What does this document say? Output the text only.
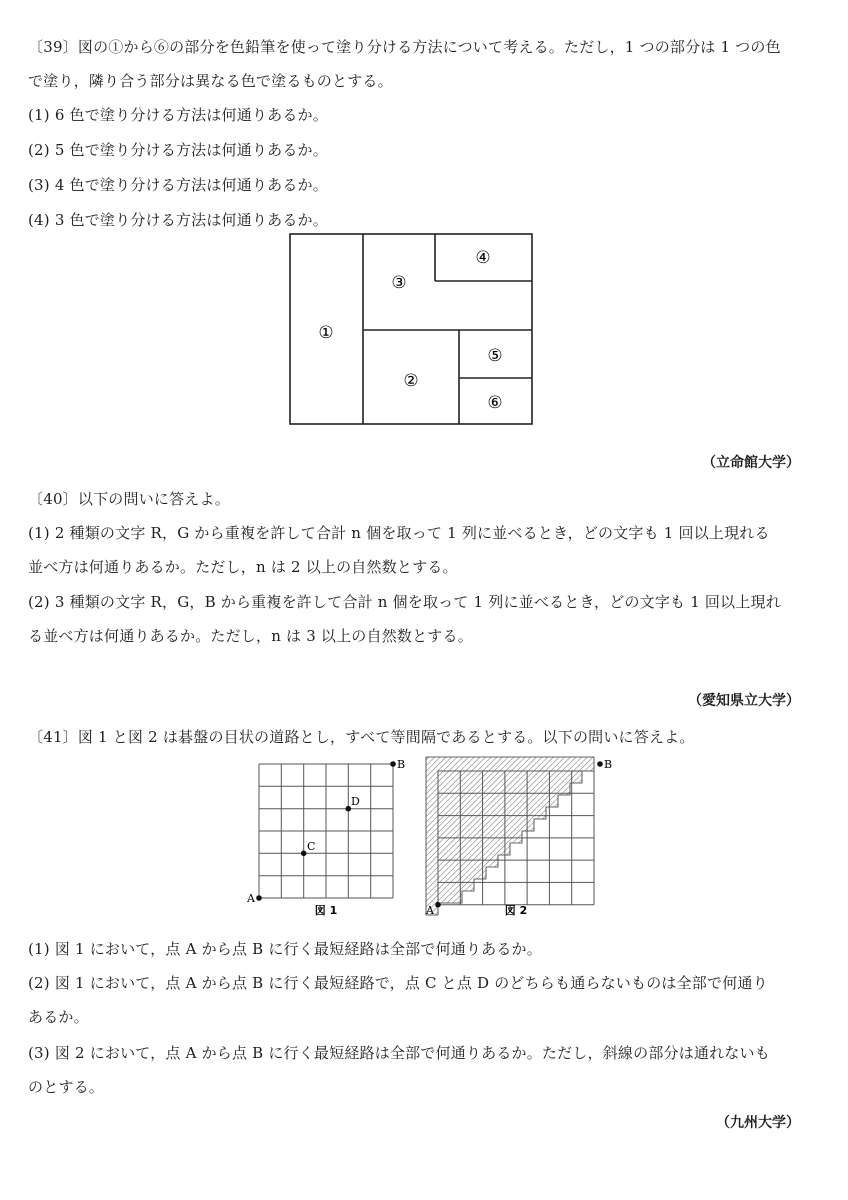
〔39〕図の①から⑥の部分を色鉛筆を使って塗り分ける方法について考える。ただし，1 つの部分は 1 つの色
で塗り，隣り合う部分は異なる色で塗るものとする。
(1) 6 色で塗り分ける方法は何通りあるか。
(2) 5 色で塗り分ける方法は何通りあるか。
(3) 4 色で塗り分ける方法は何通りあるか。
(4) 3 色で塗り分ける方法は何通りあるか。
①
②
③
④
⑤
⑥
（立命館大学）
〔40〕以下の問いに答えよ。
(1) 2 種類の文字 R，G から重複を許して合計 n 個を取って 1 列に並べるとき，どの文字も 1 回以上現れる
並べ方は何通りあるか。ただし，n は 2 以上の自然数とする。
(2) 3 種類の文字 R，G，B から重複を許して合計 n 個を取って 1 列に並べるとき，どの文字も 1 回以上現れ
る並べ方は何通りあるか。ただし，n は 3 以上の自然数とする。
（愛知県立大学）
〔41〕図 1 と図 2 は碁盤の目状の道路とし，すべて等間隔であるとする。以下の問いに答えよ。
A
B
C
D
図 1	A
B
図 2
(1) 図 1 において，点 A から点 B に行く最短経路は全部で何通りあるか。
(2) 図 1 において，点 A から点 B に行く最短経路で，点 C と点 D のどちらも通らないものは全部で何通り
あるか。
(3) 図 2 において，点 A から点 B に行く最短経路は全部で何通りあるか。ただし，斜線の部分は通れないも
のとする。
（九州大学）
